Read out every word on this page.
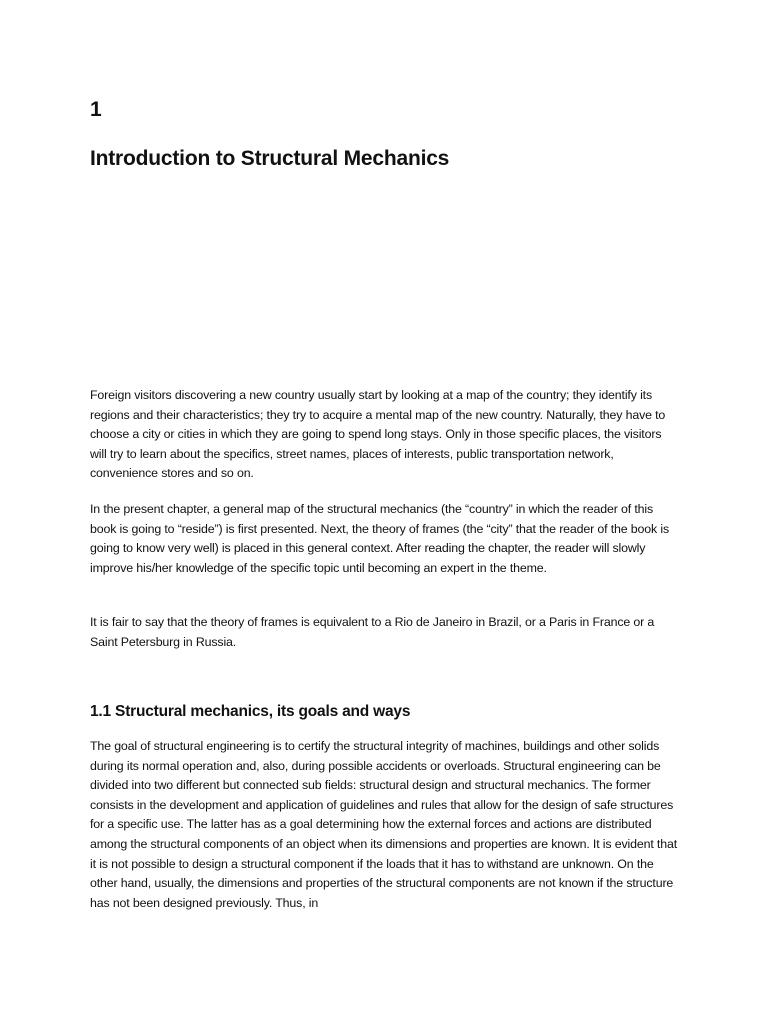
1
Introduction to Structural Mechanics

Foreign visitors discovering a new country usually start by looking at a map of the country; they identify its regions and their characteristics; they try to acquire a mental map of the new country. Naturally, they have to choose a city or cities in which they are going to spend long stays. Only in those specific places, the visitors will try to learn about the specifics, street names, places of interests, public transportation network, convenience stores and so on.

In the present chapter, a general map of the structural mechanics (the “country” in which the reader of this book is going to “reside”) is first presented. Next, the theory of frames (the “city” that the reader of the book is going to know very well) is placed in this general context. After reading the chapter, the reader will slowly improve his/her knowledge of the specific topic until becoming an expert in the theme.

It is fair to say that the theory of frames is equivalent to a Rio de Janeiro in Brazil, or a Paris in France or a Saint Petersburg in Russia.

1.1 Structural mechanics, its goals and ways

The goal of structural engineering is to certify the structural integrity of machines, buildings and other solids during its normal operation and, also, during possible accidents or overloads. Structural engineering can be divided into two different but connected sub fields: structural design and structural mechanics. The former consists in the development and application of guidelines and rules that allow for the design of safe structures for a specific use. The latter has as a goal determining how the external forces and actions are distributed among the structural components of an object when its dimensions and properties are known. It is evident that it is not possible to design a structural component if the loads that it has to withstand are unknown. On the other hand, usually, the dimensions and properties of the structural components are not known if the structure has not been designed previously. Thus, in
